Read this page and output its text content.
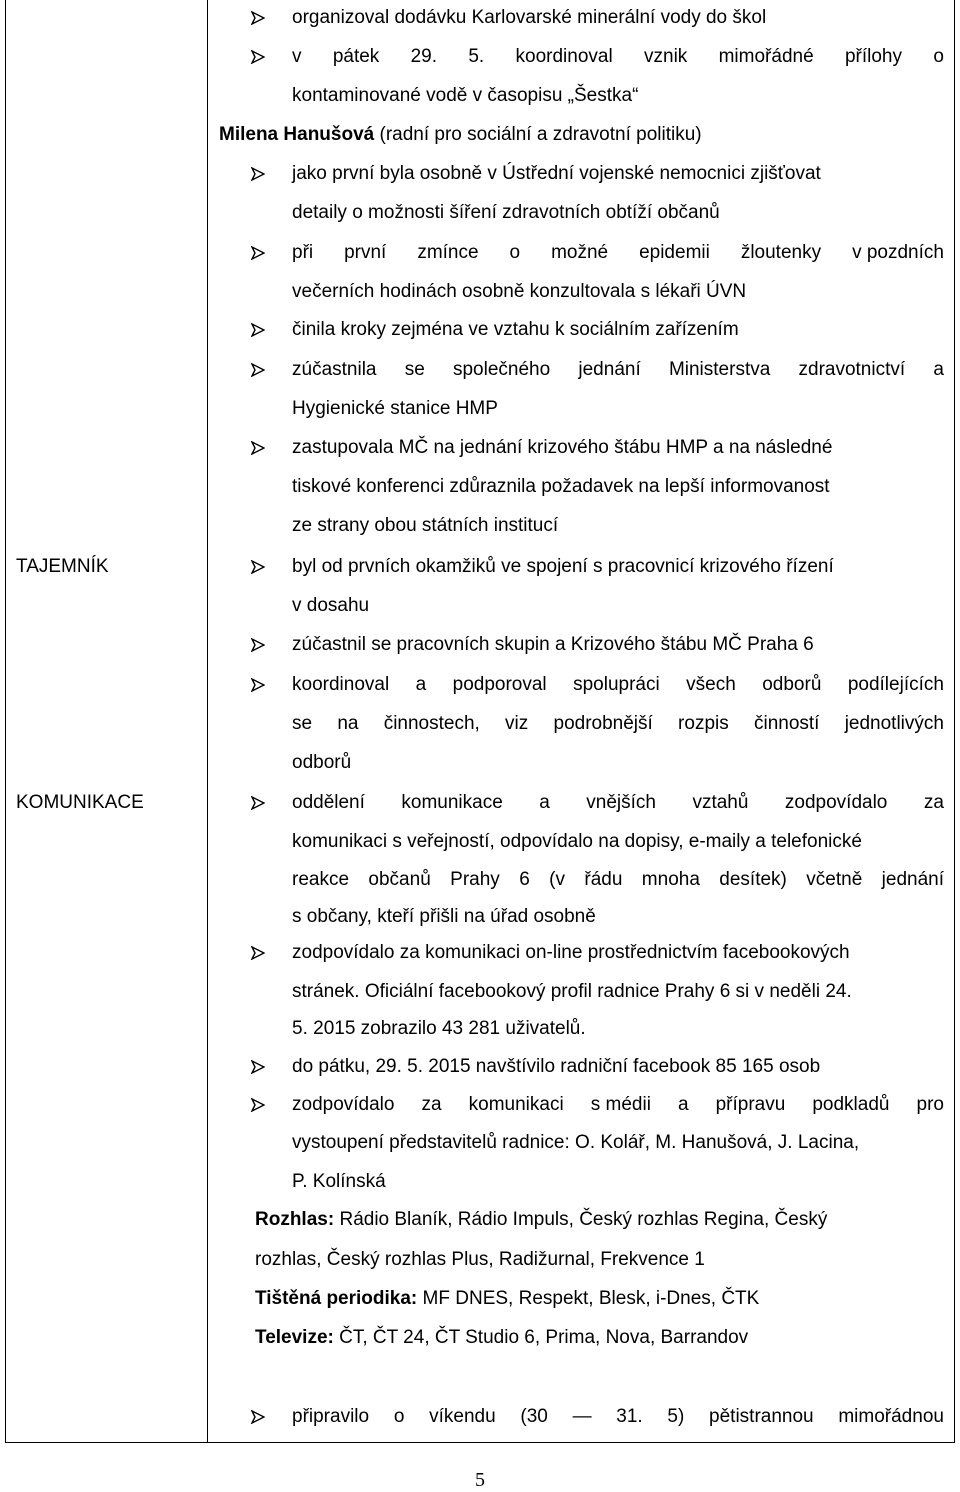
TAJEMNÍK
KOMUNIKACE
organizoval dodávku Karlovarské minerální vody do škol
v pátek 29. 5. koordinoval vznik mimořádné přílohy o
kontaminované vodě v časopisu „Šestka“
Milena Hanušová (radní pro sociální a zdravotní politiku)
jako první byla osobně v Ústřední vojenské nemocnici zjišťovat
detaily o možnosti šíření zdravotních obtíží občanů
při první zmínce o možné epidemii žloutenky v pozdních
večerních hodinách osobně konzultovala s lékaři ÚVN
činila kroky zejména ve vztahu k sociálním zařízením
zúčastnila se společného jednání Ministerstva zdravotnictví a
Hygienické stanice HMP
zastupovala MČ na jednání krizového štábu HMP a na následné
tiskové konferenci zdůraznila požadavek na lepší informovanost
ze strany obou státních institucí
byl od prvních okamžiků ve spojení s pracovnicí krizového řízení
v dosahu
zúčastnil se pracovních skupin a Krizového štábu MČ Praha 6
koordinoval a podporoval spolupráci všech odborů podílejících
se na činnostech, viz podrobnější rozpis činností jednotlivých
odborů
oddělení komunikace a vnějších vztahů zodpovídalo za
komunikaci s veřejností, odpovídalo na dopisy, e-maily a telefonické
reakce občanů Prahy 6 (v řádu mnoha desítek) včetně jednání
s občany, kteří přišli na úřad osobně
zodpovídalo za komunikaci on-line prostřednictvím facebookových
stránek. Oficiální facebookový profil radnice Prahy 6 si v neděli 24.
5. 2015 zobrazilo 43 281 uživatelů.
do pátku, 29. 5. 2015 navštívilo radniční facebook 85 165 osob
zodpovídalo za komunikaci s médii a přípravu podkladů pro
vystoupení představitelů radnice: O. Kolář, M. Hanušová, J. Lacina,
P. Kolínská
Rozhlas: Rádio Blaník, Rádio Impuls, Český rozhlas Regina, Český
rozhlas, Český rozhlas Plus, Radižurnal, Frekvence 1
Tištěná periodika: MF DNES, Respekt, Blesk, i-Dnes, ČTK
Televize: ČT, ČT 24, ČT Studio 6, Prima, Nova, Barrandov
připravilo o víkendu (30 — 31. 5) pětistrannou mimořádnou
5
